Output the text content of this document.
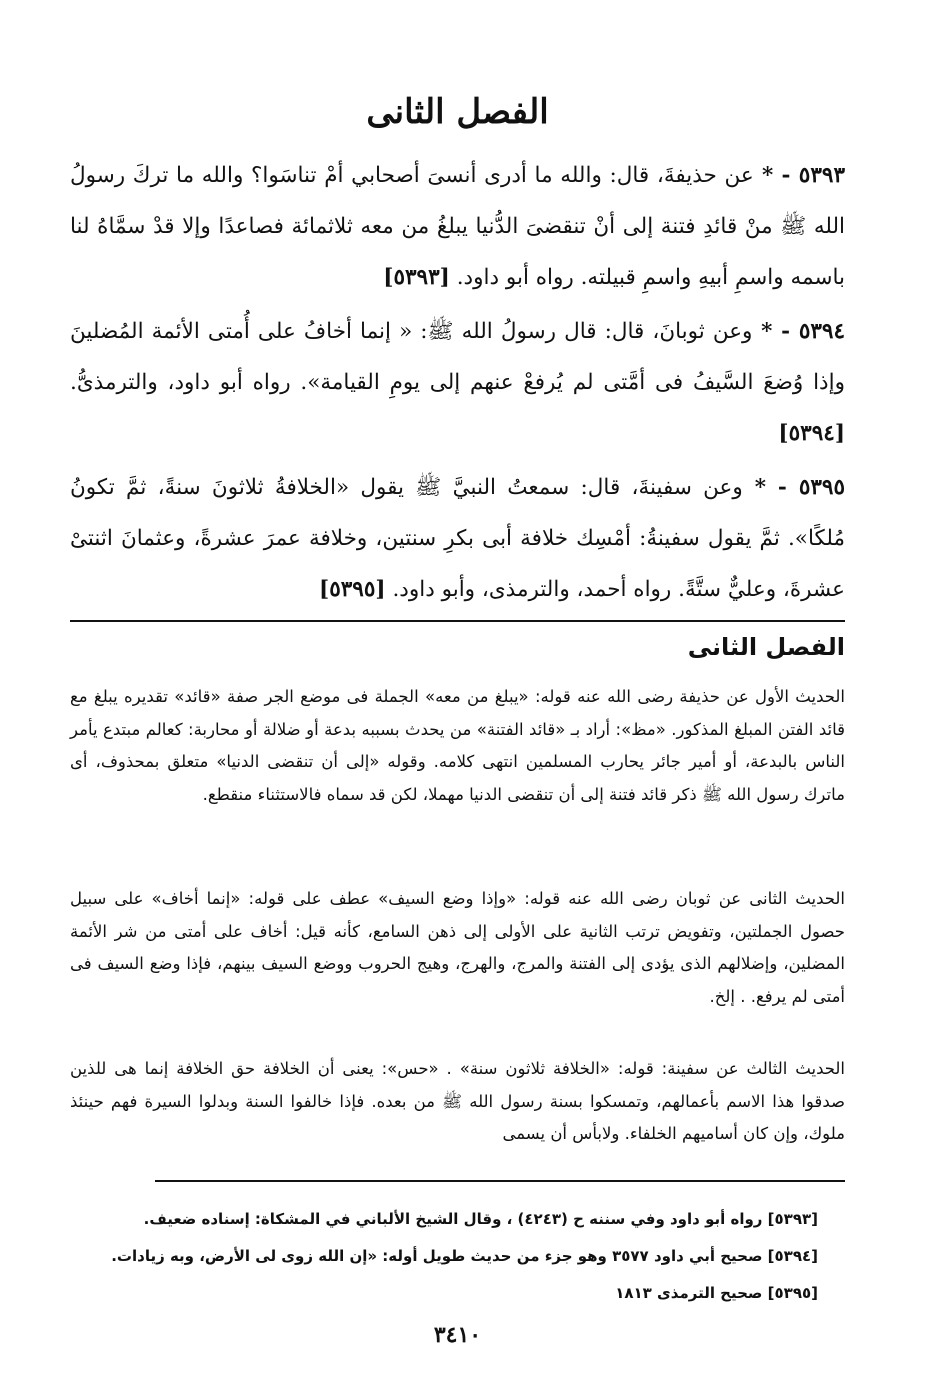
الفصل الثانى

٥٣٩٣ - * عن حذيفةَ، قال: والله ما أدرى أنسىَ أصحابي أمْ تناسَوا؟ والله ما تركَ رسولُ الله ﷺ منْ قائدِ فتنة إلى أنْ تنقضىَ الدُّنيا يبلغُ من معه ثلاثمائة فصاعدًا وإلا قدْ سمَّاهُ لنا باسمه واسمِ أبيهِ واسمِ قبيلته. رواه أبو داود. [٥٣٩٣]

٥٣٩٤ - * وعن ثوبانَ، قال: قال رسولُ الله ﷺ: « إنما أخافُ على أُمتى الأئمة المُضلينَ وإذا وُضعَ السَّيفُ فى أمَّتى لم يُرفعْ عنهم إلى يومِ القيامة». رواه أبو داود، والترمذىُّ. [٥٣٩٤]

٥٣٩٥ - * وعن سفينةَ، قال: سمعتُ النبيَّ ﷺ يقول «الخلافةُ ثلاثونَ سنةً، ثمَّ تكونُ مُلكًا». ثمَّ يقول سفينةُ: أمْسِك خلافة أبى بكرِ سنتين، وخلافة عمرَ عشرةً، وعثمانَ اثنتىْ عشرةَ، وعليٌّ ستَّةً. رواه أحمد، والترمذى، وأبو داود. [٥٣٩٥]

الفصل الثانى

الحديث الأول عن حذيفة رضى الله عنه قوله: «يبلغ من معه» الجملة فى موضع الجر صفة «قائد» تقديره يبلغ مع قائد الفتن المبلغ المذكور. «مظ»: أراد بـ «قائد الفتنة» من يحدث بسببه بدعة أو ضلالة أو محاربة: كعالم مبتدع يأمر الناس بالبدعة، أو أمير جائر يحارب المسلمين انتهى كلامه. وقوله «إلى أن تنقضى الدنيا» متعلق بمحذوف، أى ماترك رسول الله ﷺ ذكر قائد فتنة إلى أن تنقضى الدنيا مهملا، لكن قد سماه فالاستثناء منقطع.

الحديث الثانى عن ثوبان رضى الله عنه قوله: «وإذا وضع السيف» عطف على قوله: «إنما أخاف» على سبيل حصول الجملتين، وتفويض ترتب الثانية على الأولى إلى ذهن السامع، كأنه قيل: أخاف على أمتى من شر الأئمة المضلين، وإضلالهم الذى يؤدى إلى الفتنة والمرج، والهرج، وهيج الحروب ووضع السيف بينهم، فإذا وضع السيف فى أمتى لم يرفع. . إلخ.

الحديث الثالث عن سفينة: قوله: «الخلافة ثلاثون سنة» . «حس»: يعنى أن الخلافة حق الخلافة إنما هى للذين صدقوا هذا الاسم بأعمالهم، وتمسكوا بسنة رسول الله ﷺ من بعده. فإذا خالفوا السنة وبدلوا السيرة فهم حينئذ ملوك، وإن كان أساميهم الخلفاء. ولابأس أن يسمى

[٥٣٩٣] رواه أبو داود وفي سننه ح (٤٢٤٣) ، وقال الشيخ الألباني في المشكاة: إسناده ضعيف.

[٥٣٩٤] صحيح أبي داود ٣٥٧٧ وهو جزء من حديث طويل أوله: «إن الله زوى لى الأرض، وبه زيادات.

[٥٣٩٥] صحيح الترمذى ١٨١٣

٣٤١٠
